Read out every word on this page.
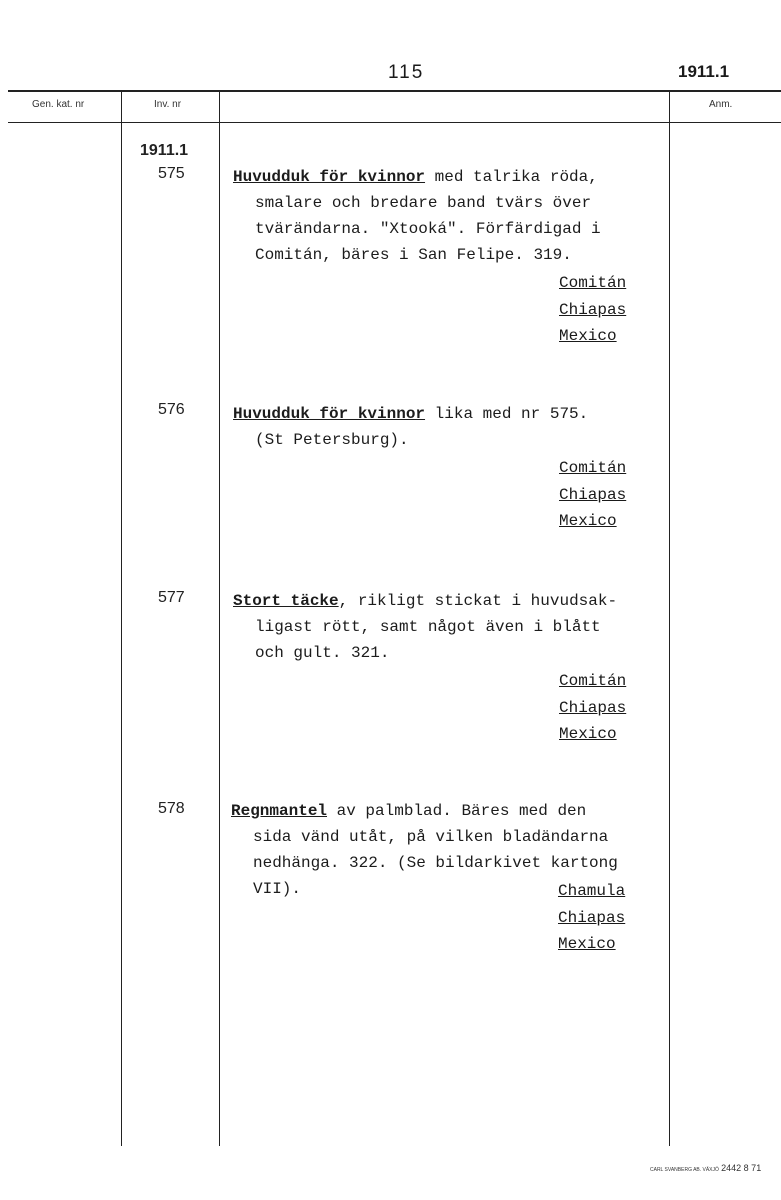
115	1911.1
Gen. kat. nr	Inv. nr	Anm.
1911.1
575	Huvudduk för kvinnor med talrika röda,
smalare och bredare band tvärs över
tvärändarna. "Xtooká". Förfärdigad i
Comitán, bäres i San Felipe. 319.
Comitán
Chiapas
Mexico
576	Huvudduk för kvinnor lika med nr 575.
(St Petersburg).
Comitán
Chiapas
Mexico
577	Stort täcke, rikligt stickat i huvudsak-
ligast rött, samt något även i blått
och gult. 321.
Comitán
Chiapas
Mexico
578	Regnmantel av palmblad. Bäres med den
sida vänd utåt, på vilken bladändarna
nedhänga. 322. (Se bildarkivet kartong
VII).	Chamula
Chiapas
Mexico
CARL SVANBERG AB. VÄXJÖ 2442 8 71
